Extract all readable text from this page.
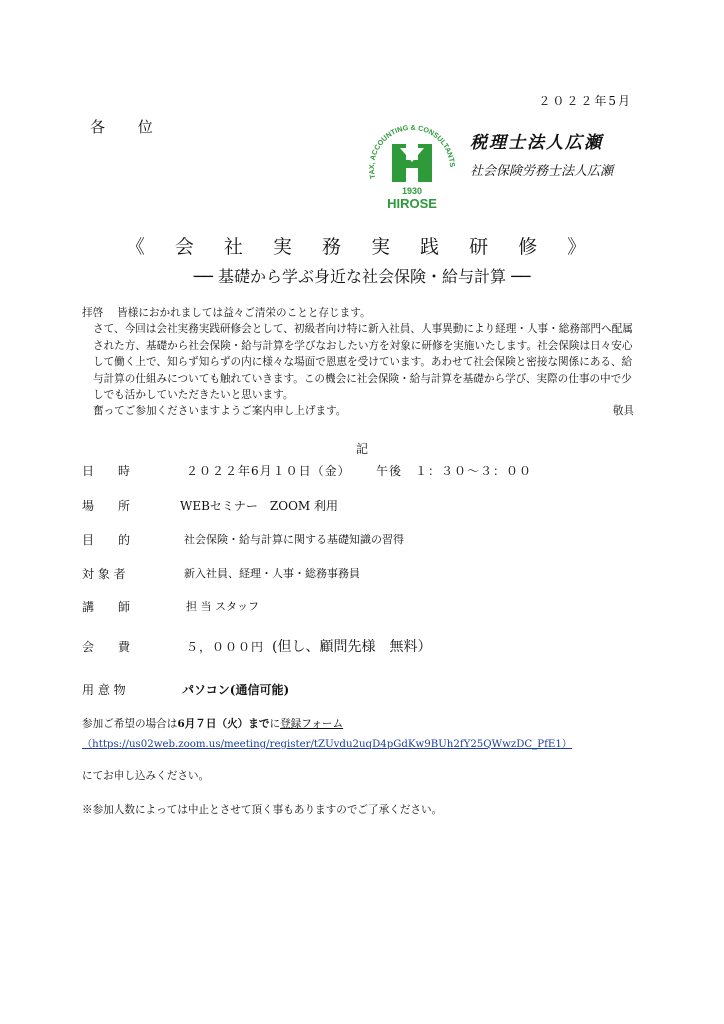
２０２２年5月
各 位
TAX, ACCOUNTING & CONSULTANTS
1930
HIROSE
税理士法人広瀬
社会保険労務士法人広瀬
《 会 社 実 務 実 践 研 修 》
── 基礎から学ぶ身近な社会保険・給与計算 ──

拝啓　 皆様におかれましては益々ご清栄のことと存じます。

さて、今回は会社実務実践研修会として、初級者向け特に新入社員、人事異動により経理・人事・総務部門へ配属された方、基礎から社会保険・給与計算を学びなおしたい方を対象に研修を実施いたします。社会保険は日々安心して働く上で、知らず知らずの内に様々な場面で恩恵を受けています。あわせて社会保険と密接な関係にある、給与計算の仕組みについても触れていきます。この機会に社会保険・給与計算を基礎から学び、実際の仕事の中で少しでも活かしていただきたいと思います。

奮ってご参加くださいますようご案内申し上げます。	敬具
記
日　　時	２０２２年6月１０日（金） 午後　１：３０～３：００
場　　所	WEBセミナー　ZOOM 利用
目　　的	社会保険・給与計算に関する基礎知識の習得
対 象 者	新入社員、経理・人事・総務事務員
講　　師	担 当 スタッフ
会　　費	５，０００円 (但し、顧問先様　無料）
用 意 物	パソコン(通信可能)
参加ご希望の場合は6月７日（火）までに登録フォーム
（https://us02web.zoom.us/meeting/register/tZUvdu2uqD4pGdKw9BUh2fY25QWwzDC_PfE1）
にてお申し込みください。
※参加人数によっては中止とさせて頂く事もありますのでご了承ください。
